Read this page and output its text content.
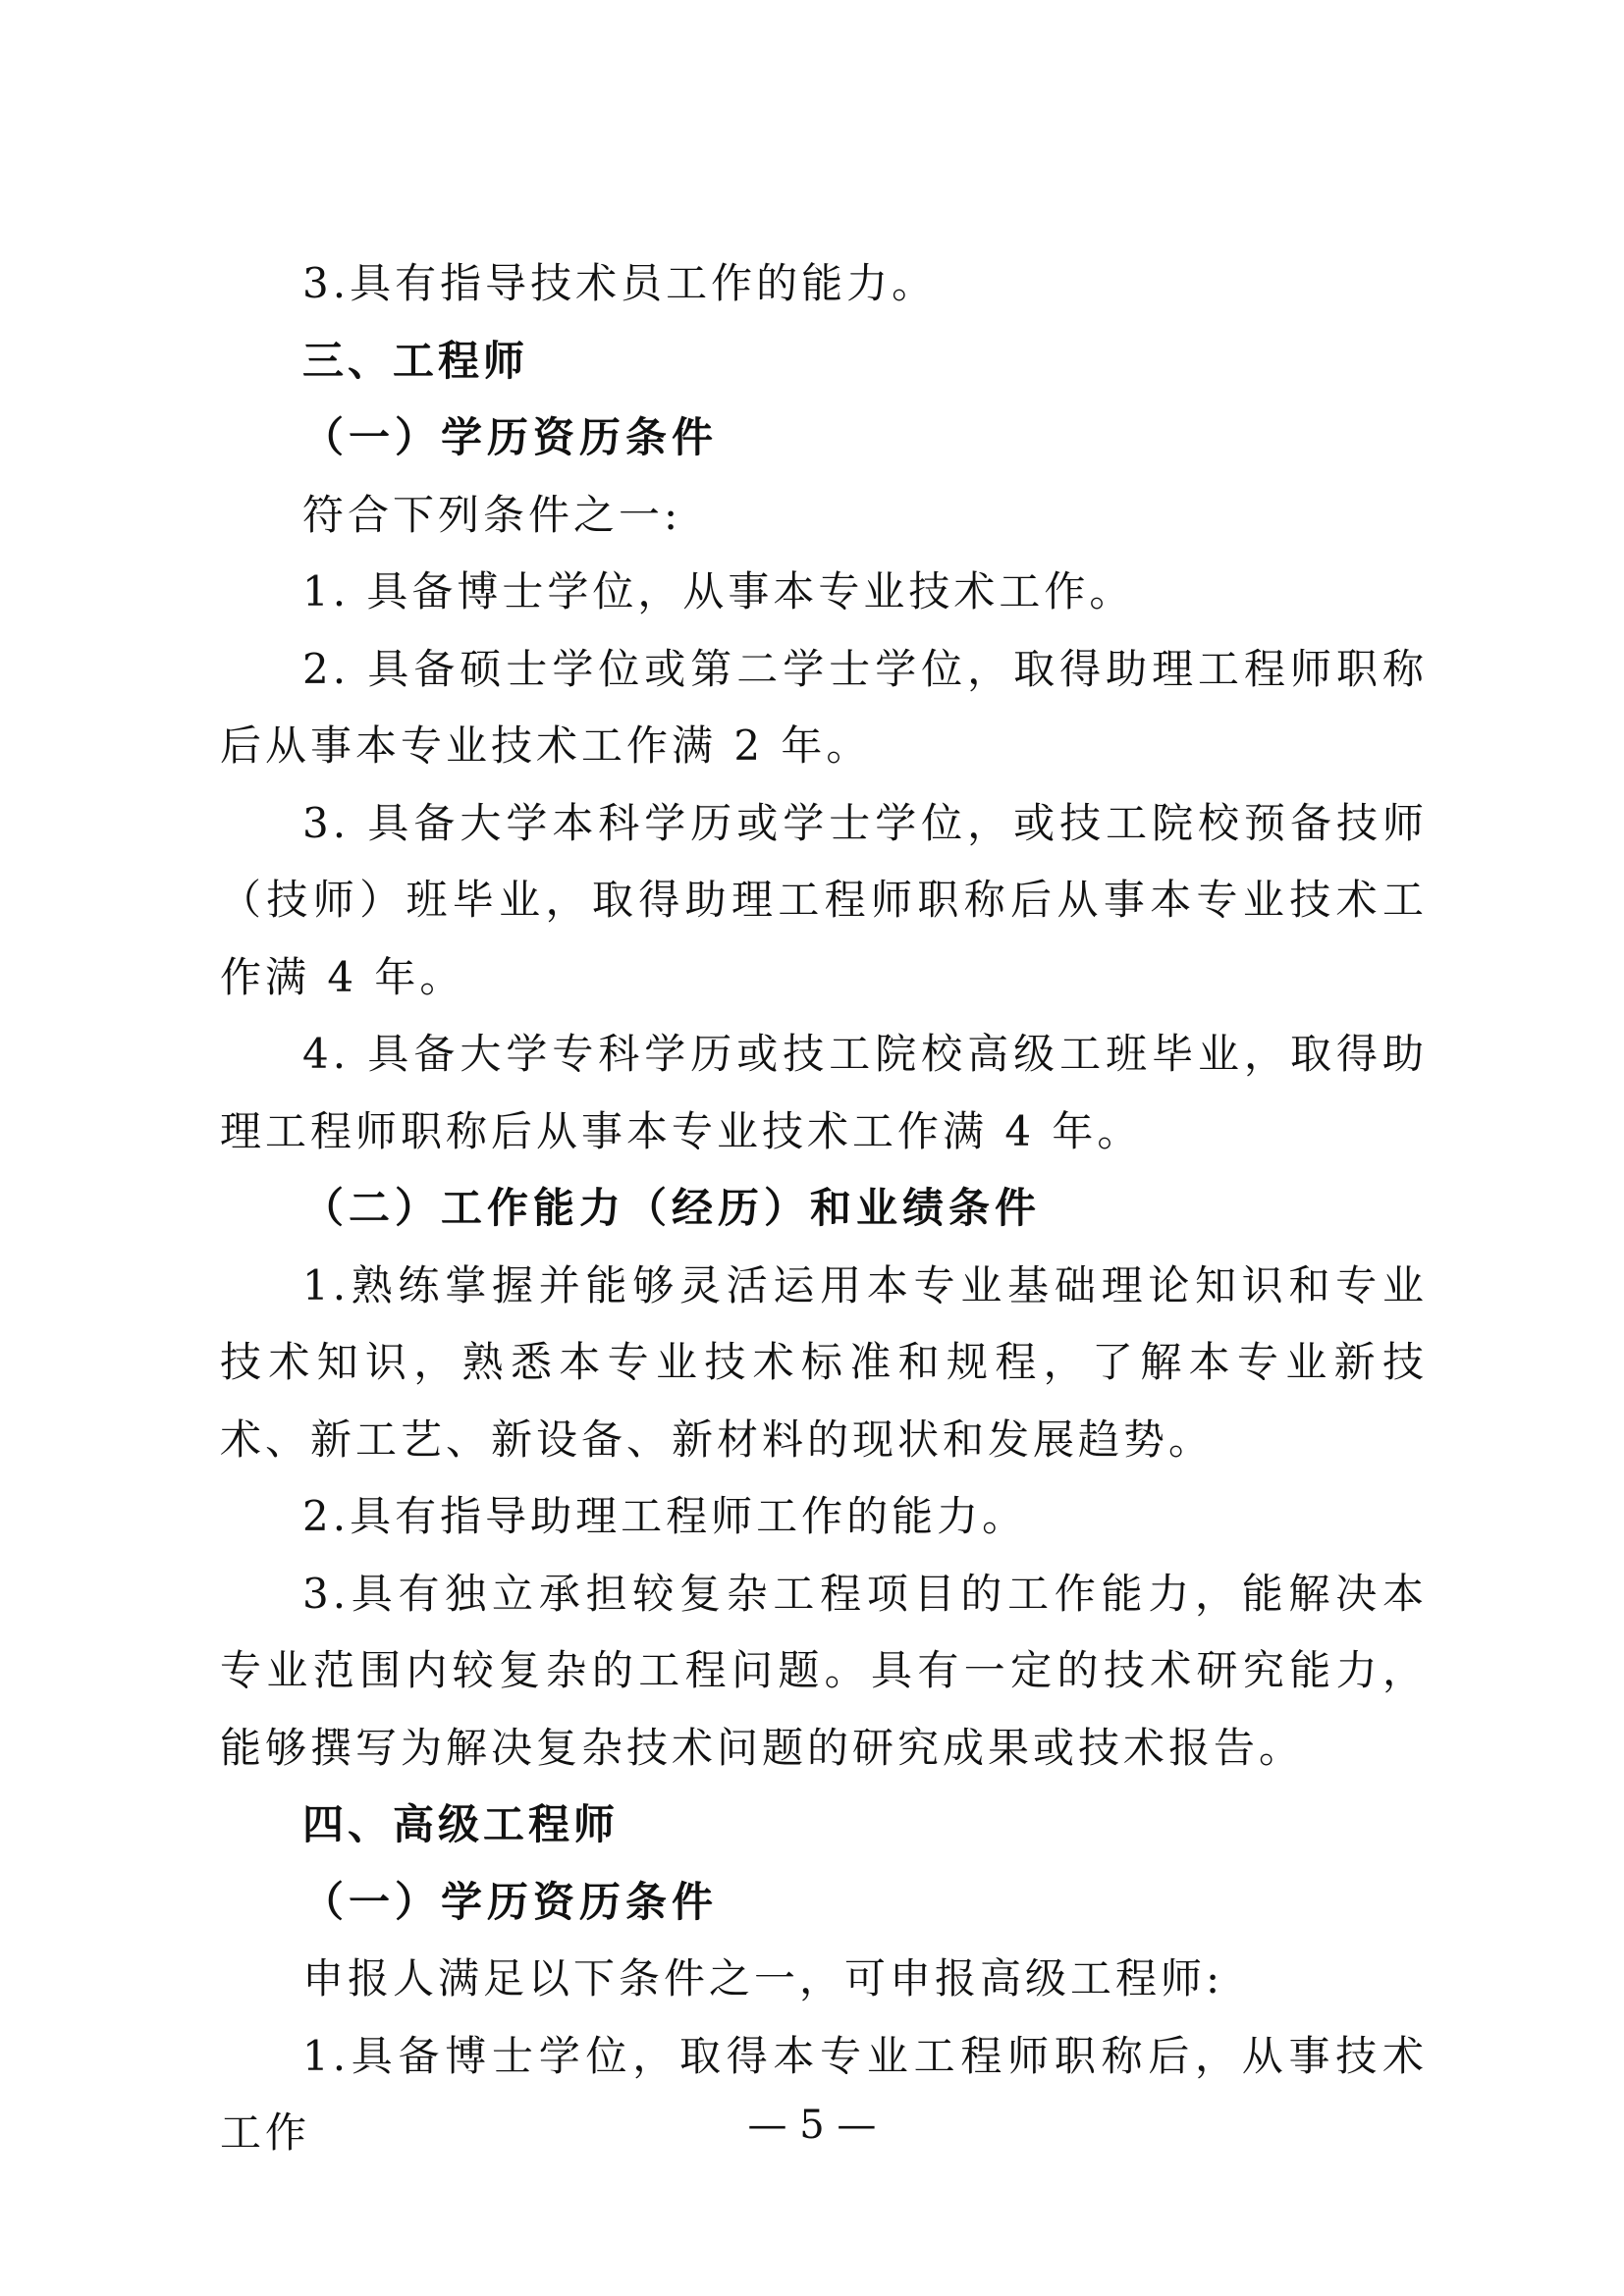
3.具有指导技术员工作的能力。

三、工程师

（一）学历资历条件

符合下列条件之一:

1. 具备博士学位，从事本专业技术工作。

2. 具备硕士学位或第二学士学位，取得助理工程师职称后从事本专业技术工作满 2 年。

3. 具备大学本科学历或学士学位，或技工院校预备技师（技师）班毕业，取得助理工程师职称后从事本专业技术工作满 4 年。

4. 具备大学专科学历或技工院校高级工班毕业，取得助理工程师职称后从事本专业技术工作满 4 年。

（二）工作能力（经历）和业绩条件

1.熟练掌握并能够灵活运用本专业基础理论知识和专业技术知识，熟悉本专业技术标准和规程，了解本专业新技术、新工艺、新设备、新材料的现状和发展趋势。

2.具有指导助理工程师工作的能力。

3.具有独立承担较复杂工程项目的工作能力，能解决本专业范围内较复杂的工程问题。具有一定的技术研究能力，能够撰写为解决复杂技术问题的研究成果或技术报告。

四、高级工程师

（一）学历资历条件

申报人满足以下条件之一，可申报高级工程师:

1.具备博士学位，取得本专业工程师职称后，从事技术工作	— 5 —
